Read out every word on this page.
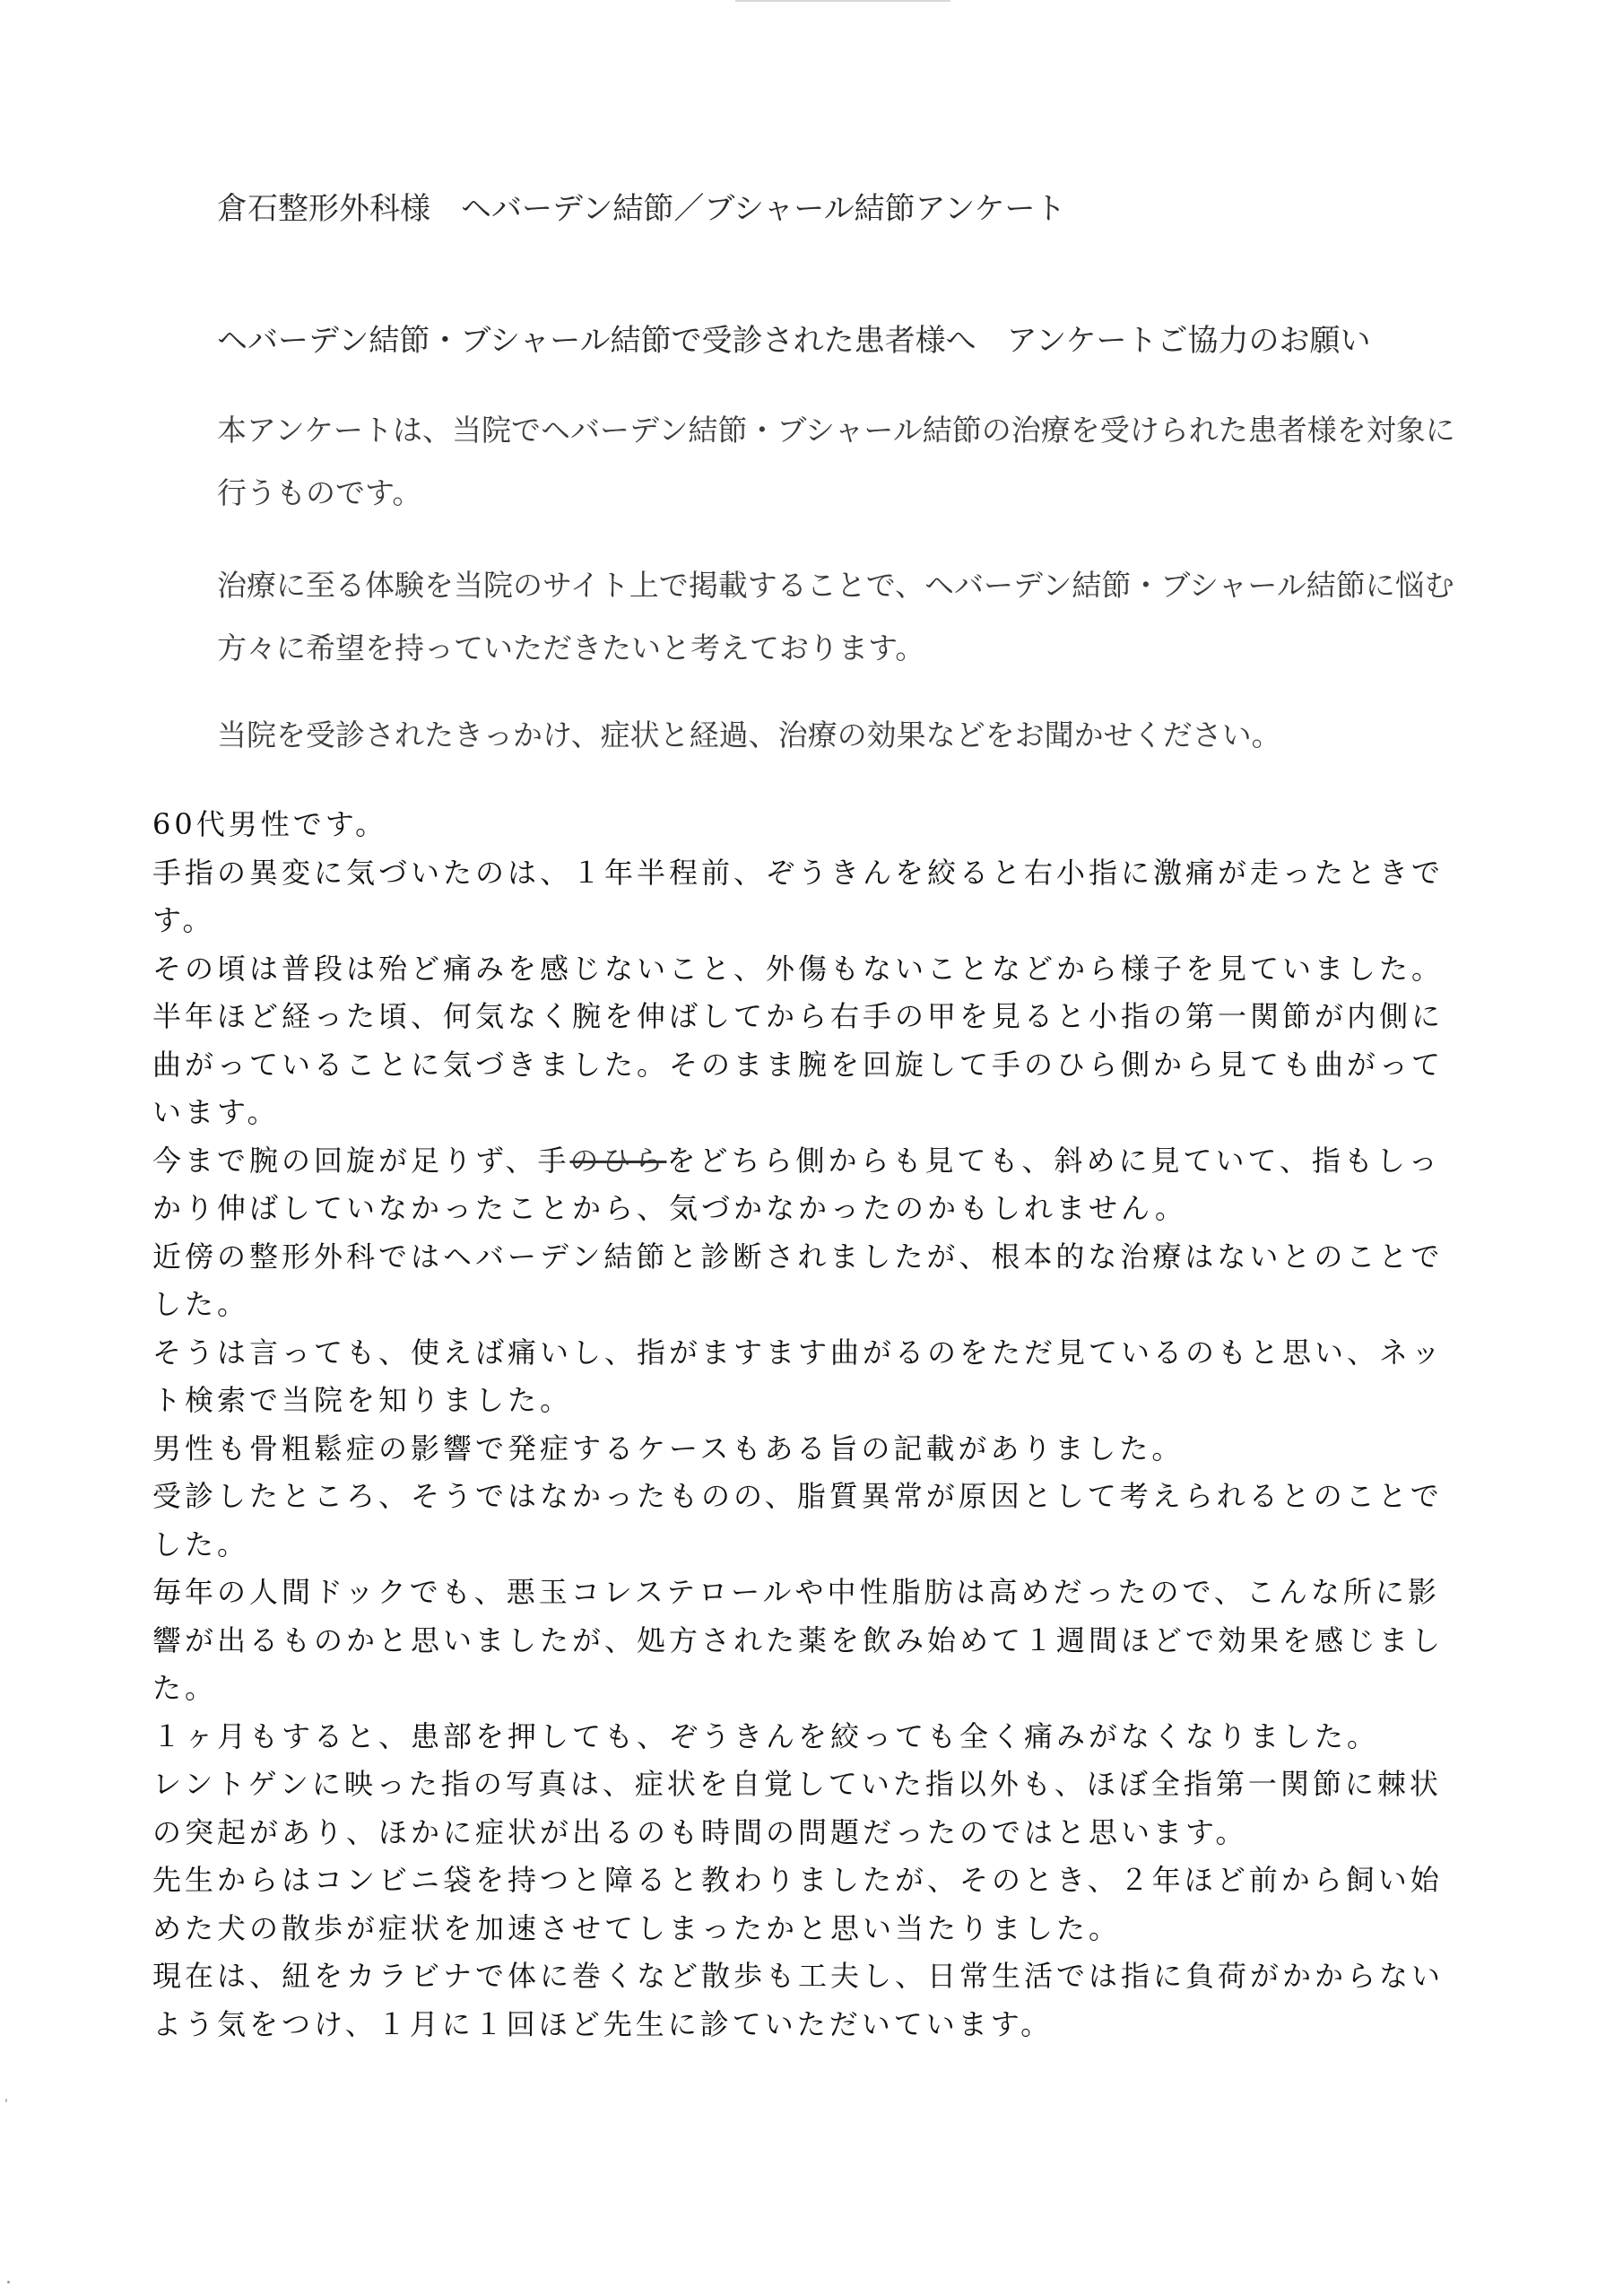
倉石整形外科様　ヘバーデン結節／ブシャール結節アンケート
ヘバーデン結節・ブシャール結節で受診された患者様へ　アンケートご協力のお願い

本アンケートは、当院でヘバーデン結節・ブシャール結節の治療を受けられた患者様を対象に行うものです。

治療に至る体験を当院のサイト上で掲載することで、ヘバーデン結節・ブシャール結節に悩む方々に希望を持っていただきたいと考えております。

当院を受診されたきっかけ、症状と経過、治療の効果などをお聞かせください。

60代男性です。
手指の異変に気づいたのは、１年半程前、ぞうきんを絞ると右小指に激痛が走ったときで
す。
その頃は普段は殆ど痛みを感じないこと、外傷もないことなどから様子を見ていました。
半年ほど経った頃、何気なく腕を伸ばしてから右手の甲を見ると小指の第一関節が内側に
曲がっていることに気づきました。そのまま腕を回旋して手のひら側から見ても曲がって
います。
今まで腕の回旋が足りず、手のひらをどちら側からも見ても、斜めに見ていて、指もしっ
かり伸ばしていなかったことから、気づかなかったのかもしれません。
近傍の整形外科ではヘバーデン結節と診断されましたが、根本的な治療はないとのことで
した。
そうは言っても、使えば痛いし、指がますます曲がるのをただ見ているのもと思い、ネッ
ト検索で当院を知りました。
男性も骨粗鬆症の影響で発症するケースもある旨の記載がありました。
受診したところ、そうではなかったものの、脂質異常が原因として考えられるとのことで
した。
毎年の人間ドックでも、悪玉コレステロールや中性脂肪は高めだったので、こんな所に影
響が出るものかと思いましたが、処方された薬を飲み始めて１週間ほどで効果を感じまし
た。
１ヶ月もすると、患部を押しても、ぞうきんを絞っても全く痛みがなくなりました。
レントゲンに映った指の写真は、症状を自覚していた指以外も、ほぼ全指第一関節に棘状
の突起があり、ほかに症状が出るのも時間の問題だったのではと思います。
先生からはコンビニ袋を持つと障ると教わりましたが、そのとき、２年ほど前から飼い始
めた犬の散歩が症状を加速させてしまったかと思い当たりました。
現在は、紐をカラビナで体に巻くなど散歩も工夫し、日常生活では指に負荷がかからない
よう気をつけ、１月に１回ほど先生に診ていただいています。
